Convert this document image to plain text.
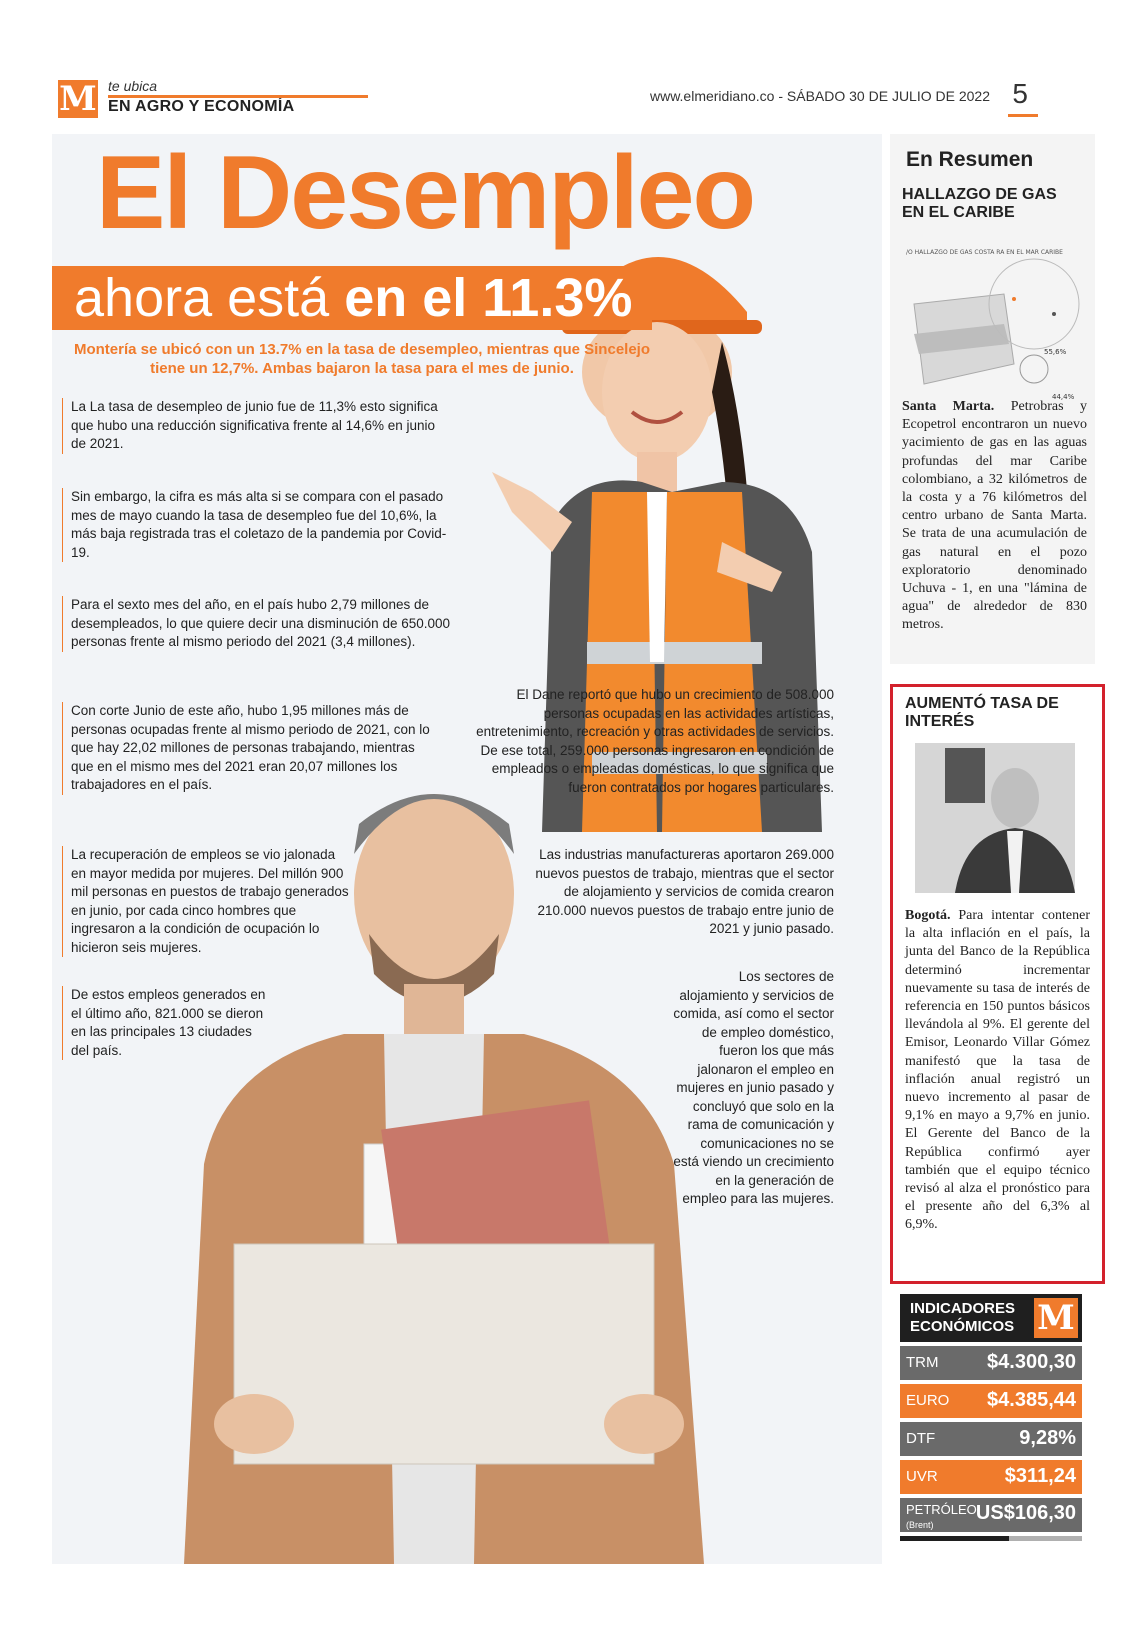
M te ubica
EN AGRO Y ECONOMÍA
www.elmeridiano.co - SÁBADO 30 DE JULIO DE 2022 5
El Desempleo
ahora está en el 11.3%
Montería se ubicó con un 13.7% en la tasa de desempleo, mientras que Sincelejo tiene un 12,7%. Ambas bajaron la tasa para el mes de junio.
La La tasa de desempleo de junio fue de 11,3% esto significa que hubo una reducción significativa frente al 14,6% en junio de 2021.
Sin embargo, la cifra es más alta si se compara con el pasado mes de mayo cuando la tasa de desempleo fue del 10,6%, la más baja registrada tras el coletazo de la pandemia por Covid-19.
Para el sexto mes del año, en el país hubo 2,79 millones de desempleados, lo que quiere decir una disminución de 650.000 personas frente al mismo periodo del 2021 (3,4 millones).
Con corte Junio de este año, hubo 1,95 millones más de personas ocupadas frente al mismo periodo de 2021, con lo que hay 22,02 millones de personas trabajando, mientras que en el mismo mes del 2021 eran 20,07 millones los trabajadores en el país.
La recuperación de empleos se vio jalonada en mayor medida por mujeres. Del millón 900 mil personas en puestos de trabajo generados en junio, por cada cinco hombres que ingresaron a la condición de ocupación lo hicieron seis mujeres.
De estos empleos generados en el último año, 821.000 se dieron en las principales 13 ciudades del país.
El Dane reportó que hubo un crecimiento de 508.000 personas ocupadas en las actividades artísticas, entretenimiento, recreación y otras actividades de servicios. De ese total, 259.000 personas ingresaron en condición de empleados o empleadas domésticas, lo que significa que fueron contratados por hogares particulares.
Las industrias manufactureras aportaron 269.000 nuevos puestos de trabajo, mientras que el sector de alojamiento y servicios de comida crearon 210.000 nuevos puestos de trabajo entre junio de 2021 y junio pasado.
Los sectores de alojamiento y servicios de comida, así como el sector de empleo doméstico, fueron los que más jalonaron el empleo en mujeres en junio pasado y concluyó que solo en la rama de comunicación y comunicaciones no se está viendo un crecimiento en la generación de empleo para las mujeres.
En Resumen
HALLAZGO DE GAS EN EL CARIBE
/O HALLAZGO DE GAS COSTA RA EN EL MAR CARIBE
55,6%
44,4%
Santa Marta. Petrobras y Ecopetrol encontraron un nuevo yacimiento de gas en las aguas profundas del mar Caribe colombiano, a 32 kilómetros de la costa y a 76 kilómetros del centro urbano de Santa Marta. Se trata de una acumulación de gas natural en el pozo exploratorio denominado Uchuva - 1, en una "lámina de agua" de alrededor de 830 metros.
AUMENTÓ TASA DE INTERÉS
Bogotá. Para intentar contener la alta inflación en el país, la junta del Banco de la República determinó incrementar nuevamente su tasa de interés de referencia en 150 puntos básicos llevándola al 9%. El gerente del Emisor, Leonardo Villar Gómez manifestó que la tasa de inflación anual registró un nuevo incremento al pasar de 9,1% en mayo a 9,7% en junio. El Gerente del Banco de la República confirmó ayer también que el equipo técnico revisó al alza el pronóstico para el presente año del 6,3% al 6,9%.
INDICADORES
ECONÓMICOS M
TRM $4.300,30
EURO $4.385,44
DTF	9,28%
UVR	$311,24
PETRÓLEO
(Brent)
US$106,30
